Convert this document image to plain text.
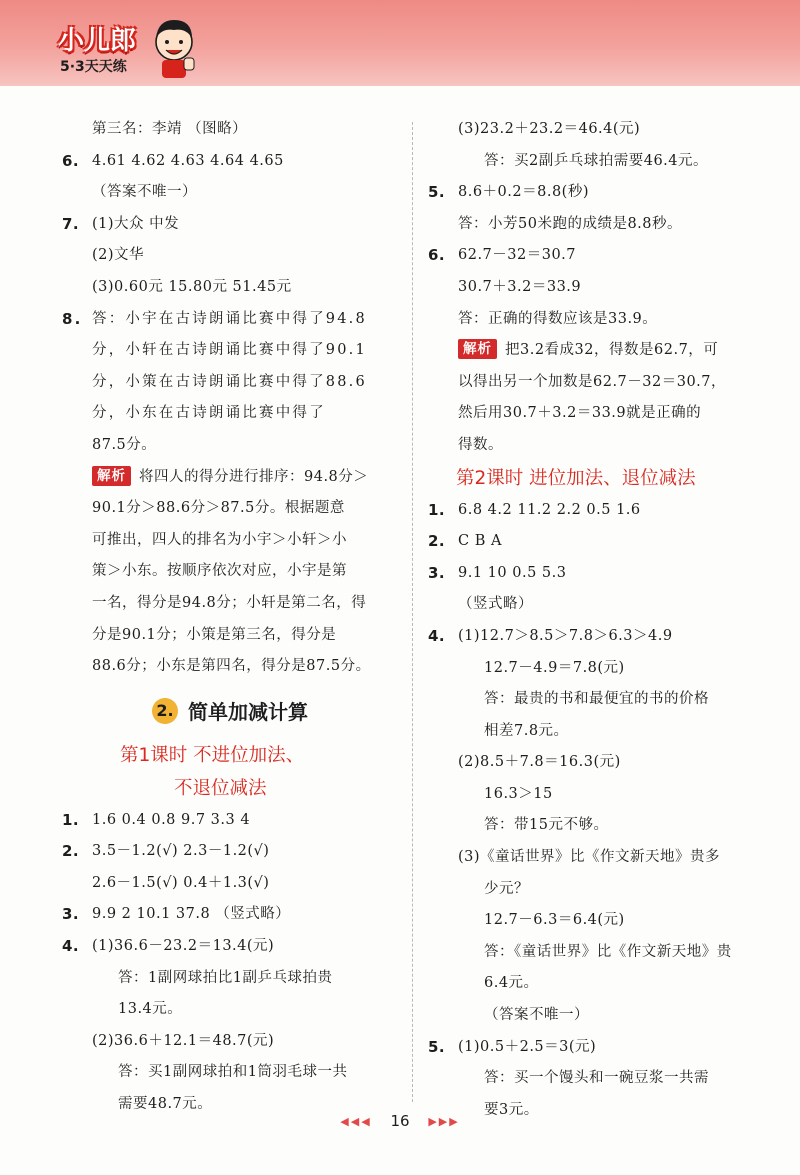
小儿郎
5·3天天练
第三名：李靖 （图略）
6. 4.61 4.62 4.63 4.64 4.65
（答案不唯一）
7. (1)大众 中发
(2)文华
(3)0.60元 15.80元 51.45元
8. 答：小宇在古诗朗诵比赛中得了94.8
分，小轩在古诗朗诵比赛中得了90.1
分，小策在古诗朗诵比赛中得了88.6
分，小东在古诗朗诵比赛中得了
87.5分。
解析 将四人的得分进行排序：94.8分＞
90.1分＞88.6分＞87.5分。根据题意
可推出，四人的排名为小宇＞小轩＞小
策＞小东。按顺序依次对应，小宇是第
一名，得分是94.8分；小轩是第二名，得
分是90.1分；小策是第三名，得分是
88.6分；小东是第四名，得分是87.5分。
2. 简单加减计算
第1课时 不进位加法、
不退位减法
1. 1.6 0.4 0.8 9.7 3.3 4
2. 3.5－1.2(√) 2.3－1.2(√)
2.6－1.5(√) 0.4＋1.3(√)
3. 9.9 2 10.1 37.8 （竖式略）
4. (1)36.6－23.2＝13.4(元)
答：1副网球拍比1副乒乓球拍贵
13.4元。
(2)36.6＋12.1＝48.7(元)
答：买1副网球拍和1筒羽毛球一共
需要48.7元。
(3)23.2＋23.2＝46.4(元)
答：买2副乒乓球拍需要46.4元。
5. 8.6＋0.2＝8.8(秒)
答：小芳50米跑的成绩是8.8秒。
6. 62.7－32＝30.7
30.7＋3.2＝33.9
答：正确的得数应该是33.9。
解析 把3.2看成32，得数是62.7，可
以得出另一个加数是62.7－32＝30.7，
然后用30.7＋3.2＝33.9就是正确的
得数。
第2课时 进位加法、退位减法
1. 6.8 4.2 11.2 2.2 0.5 1.6
2. C B A
3. 9.1 10 0.5 5.3
（竖式略）
4. (1)12.7＞8.5＞7.8＞6.3＞4.9
12.7－4.9＝7.8(元)
答：最贵的书和最便宜的书的价格
相差7.8元。
(2)8.5＋7.8＝16.3(元)
16.3＞15
答：带15元不够。
(3)《童话世界》比《作文新天地》贵多
少元？
12.7－6.3＝6.4(元)
答：《童话世界》比《作文新天地》贵
6.4元。
（答案不唯一）
5. (1)0.5＋2.5＝3(元)
答：买一个馒头和一碗豆浆一共需
要3元。
◀◀◀ 16 ▶▶▶
